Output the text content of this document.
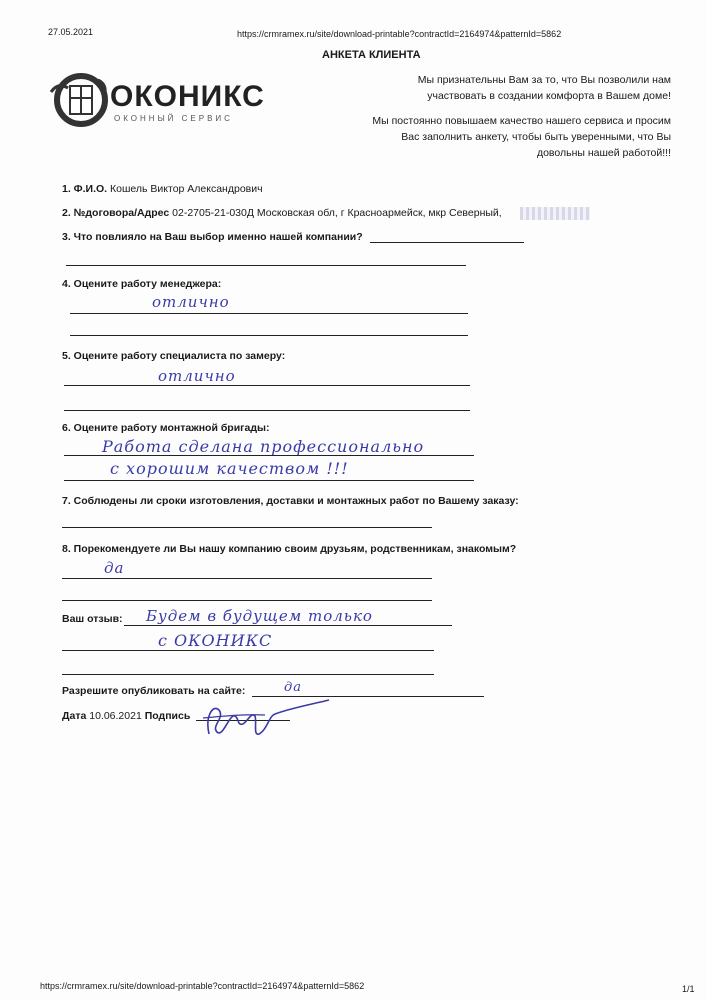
27.05.2021	https://crmramex.ru/site/download-printable?contractId=2164974&patternId=5862
АНКЕТА КЛИЕНТА
ОКОНИКС
ОКОННЫЙ СЕРВИС
Мы признательны Вам за то, что Вы позволили нам
участвовать в создании комфорта в Вашем доме!
Мы постоянно повышаем качество нашего сервиса и просим
Вас заполнить анкету, чтобы быть уверенными, что Вы
довольны нашей работой!!!
1. Ф.И.О. Кошель Виктор Александрович
2. №договора/Адрес 02-2705-21-030Д Московская обл, г Красноармейск, мкр Северный,
3. Что повлияло на Ваш выбор именно нашей компании?
4. Оцените работу менеджера:
отлично
5. Оцените работу специалиста по замеру:
отлично
6. Оцените работу монтажной бригады:
Работа сделана профессионально
с хорошим качеством !!!
7. Соблюдены ли сроки изготовления, доставки и монтажных работ по Вашему заказу:
8. Порекомендуете ли Вы нашу компанию своим друзьям, родственникам, знакомым?
да
Ваш отзыв: Будем в будущем только
с ОКОНИКС
Разрешите опубликовать на сайте:	да
Дата 10.06.2021 Подпись
https://crmramex.ru/site/download-printable?contractId=2164974&patternId=5862	1/1
